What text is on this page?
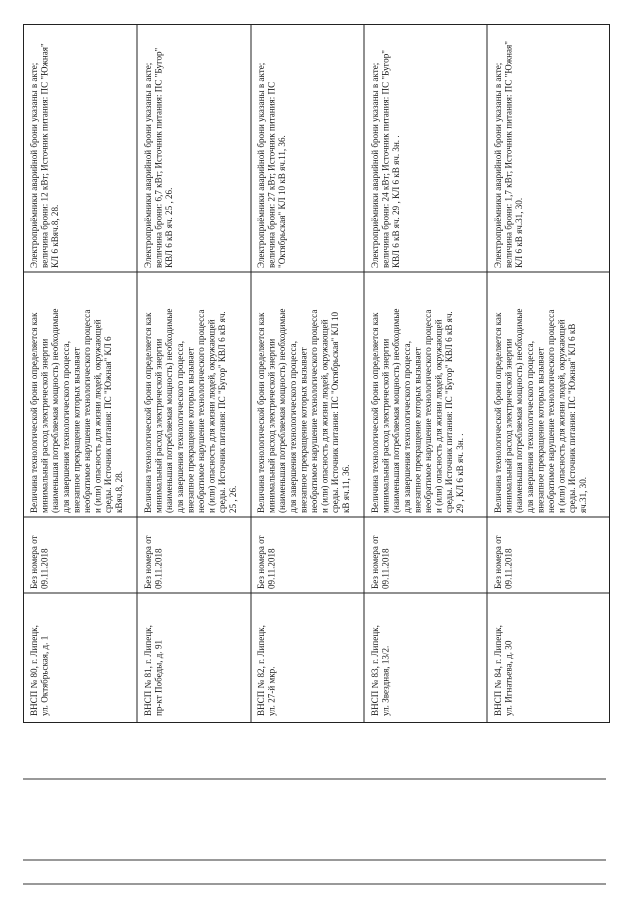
ВНСП № 80, г. Липецк, ул. Октябрьская, д. 1
Без номера от 09.11.2018
Величина технологической брони определяется как минимальный расход электрической энергии (наименьшая потребляемая мощность) необходимые для завершения технологического процесса, внезапное прекращение которых вызывает необратимое нарушение технологического процесса и (или) опасность для жизни людей, окружающей среды. Источник питания: ПС "Южная" КЛ 6 кВяч.8, 28.
Электроприёмники аварийной брони указаны в акте; величина брони: 12 кВт; Источник питания: ПС "Южная" КЛ 6 кВяч.8, 28.
ВНСП № 81, г. Липецк, пр-кт Победы, д. 91
Без номера от 09.11.2018
Величина технологической брони определяется как минимальный расход электрической энергии (наименьшая потребляемая мощность) необходимые для завершения технологического процесса, внезапное прекращение которых вызывает необратимое нарушение технологического процесса и (или) опасность для жизни людей, окружающей среды. Источник питания: ПС "Бугор" КВЛ 6 кВ яч. 25 , 26.
Электроприёмники аварийной брони указаны в акте; величина брони: 6,7 кВт; Источник питания: ПС "Бугор" КВЛ 6 кВ яч. 25 , 26.
ВНСП № 82, г. Липецк, ул. 27-й мкр.
Без номера от 09.11.2018
Величина технологической брони определяется как минимальный расход электрической энергии (наименьшая потребляемая мощность) необходимые для завершения технологического процесса, внезапное прекращение которых вызывает необратимое нарушение технологического процесса и (или) опасность для жизни людей, окружающей среды. Источник питания: ПС "Октябрьская" КЛ 10 кВ яч.11, 36.
Электроприёмники аварийной брони указаны в акте; величина брони: 27 кВт; Источник питания: ПС "Октябрьская" КЛ 10 кВ яч.11, 36.
ВНСП № 83, г. Липецк, ул. Звездная, 13/2.
Без номера от 09.11.2018
Величина технологической брони определяется как минимальный расход электрической энергии (наименьшая потребляемая мощность) необходимые для завершения технологического процесса, внезапное прекращение которых вызывает необратимое нарушение технологического процесса и (или) опасность для жизни людей, окружающей среды. Источник питания: ПС "Бугор" КВЛ 6 кВ яч. 29 , КЛ 6 кВ яч. 3н. .
Электроприёмники аварийной брони указаны в акте; величина брони: 24 кВт; Источник питания: ПС "Бугор" КВЛ 6 кВ яч. 29 , КЛ 6 кВ яч. 3н. .
ВНСП № 84, г. Липецк, ул. Игнатьева, д. 30
Без номера от 09.11.2018
Величина технологической брони определяется как минимальный расход электрической энергии (наименьшая потребляемая мощность) необходимые для завершения технологического процесса, внезапное прекращение которых вызывает необратимое нарушение технологического процесса и (или) опасность для жизни людей, окружающей среды. Источник питания: ПС "Южная" КЛ 6 кВ яч.31, 30.
Электроприёмники аварийной брони указаны в акте; величина брони: 1,7 кВт; Источник питания: ПС "Южная" КЛ 6 кВ яч.31, 30.
